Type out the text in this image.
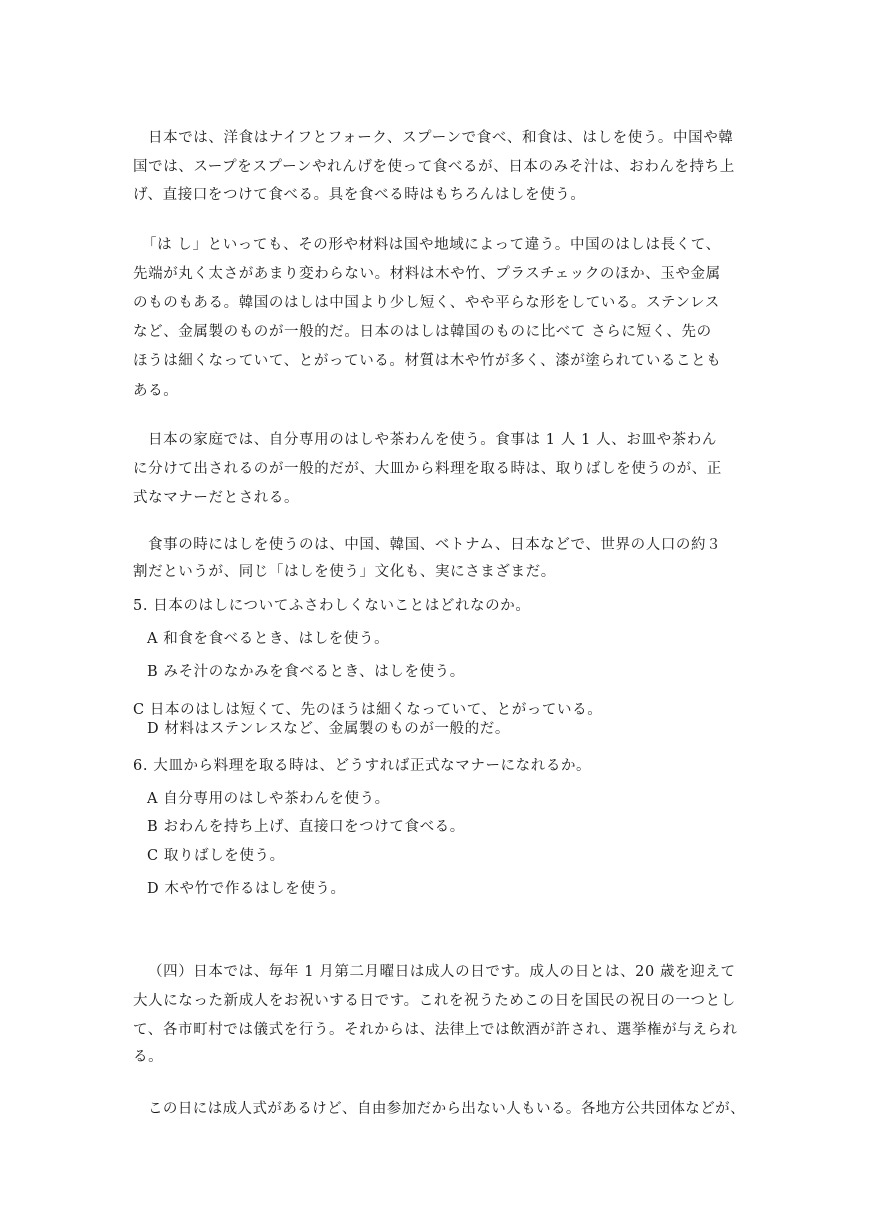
日本では、洋食はナイフとフォーク、スプーンで食べ、和食は、はしを使う。中国や韓
国では、スープをスプーンやれんげを使って食べるが、日本のみそ汁は、おわんを持ち上
げ、直接口をつけて食べる。具を食べる時はもちろんはしを使う。
「は し」といっても、その形や材料は国や地域によって違う。中国のはしは長くて、
先端が丸く太さがあまり変わらない。材料は木や竹、プラスチェックのほか、玉や金属
のものもある。韓国のはしは中国より少し短く、やや平らな形をしている。ステンレス
など、金属製のものが一般的だ。日本のはしは韓国のものに比べて さらに短く、先の
ほうは細くなっていて、とがっている。材質は木や竹が多く、漆が塗られていることも
ある。
日本の家庭では、自分専用のはしや茶わんを使う。食事は 1 人 1 人、お皿や茶わん
に分けて出されるのが一般的だが、大皿から料理を取る時は、取りばしを使うのが、正
式なマナーだとされる。
食事の時にはしを使うのは、中国、韓国、ベトナム、日本などで、世界の人口の約３
割だというが、同じ「はしを使う」文化も、実にさまざまだ。
5. 日本のはしについてふさわしくないことはどれなのか。
A 和食を食べるとき、はしを使う。
B みそ汁のなかみを食べるとき、はしを使う。
C 日本のはしは短くて、先のほうは細くなっていて、とがっている。
D 材料はステンレスなど、金属製のものが一般的だ。
6. 大皿から料理を取る時は、どうすれば正式なマナーになれるか。
A 自分専用のはしや茶わんを使う。
B おわんを持ち上げ、直接口をつけて食べる。
C 取りばしを使う。
D 木や竹で作るはしを使う。
（四）日本では、毎年 1 月第二月曜日は成人の日です。成人の日とは、20 歳を迎えて
大人になった新成人をお祝いする日です。これを祝うためこの日を国民の祝日の一つとし
て、各市町村では儀式を行う。それからは、法律上では飲酒が許され、選挙権が与えられ
る。
この日には成人式があるけど、自由参加だから出ない人もいる。各地方公共団体などが、
